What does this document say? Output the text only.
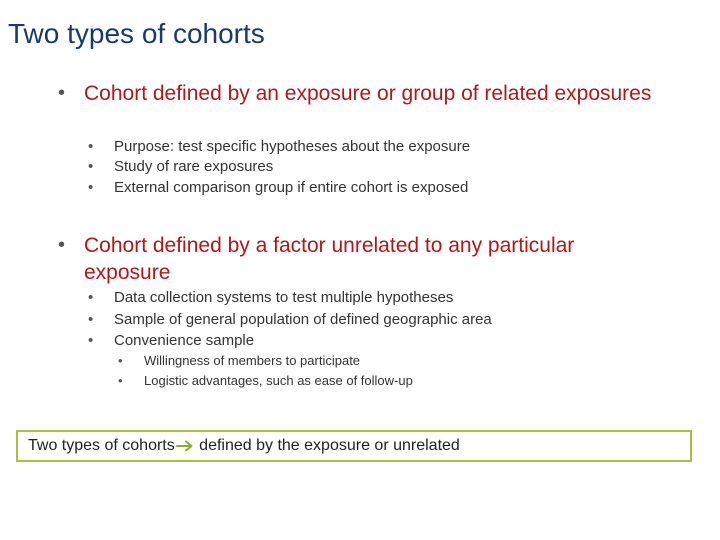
Two types of cohorts
• Cohort defined by an exposure or group of related exposures
•	Purpose: test specific hypotheses about the exposure
•	Study of rare exposures
•	External comparison group if entire cohort is exposed
• Cohort defined by a factor unrelated to any particular exposure
•	Data collection systems to test multiple hypotheses
•	Sample of general population of defined geographic area
•	Convenience sample
•	Willingness of members to participate
•	Logistic advantages, such as ease of follow-up
Two types of cohorts defined by the exposure or unrelated
